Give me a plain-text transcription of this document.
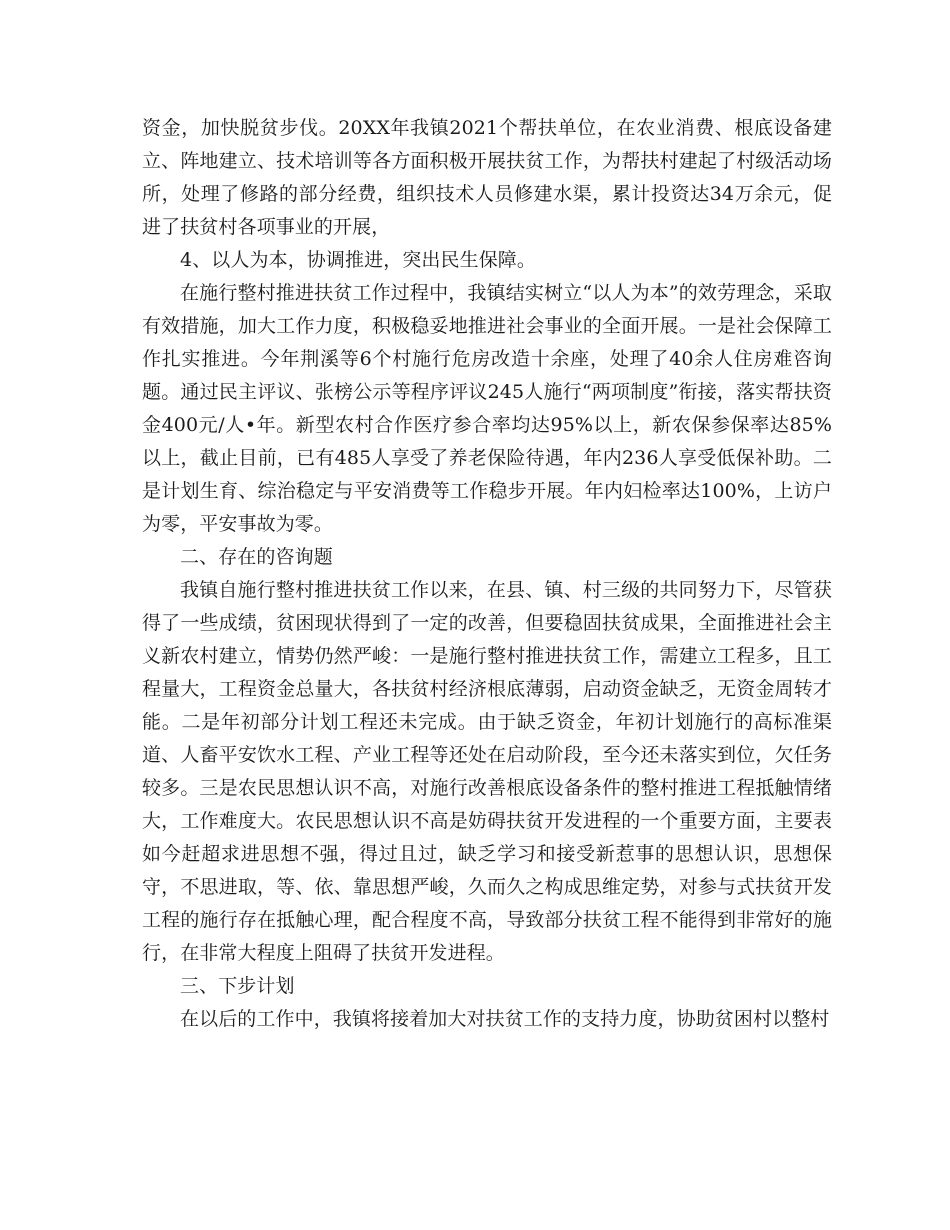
资金，加快脱贫步伐。20XX年我镇2021个帮扶单位，在农业消费、根底设备建立、阵地建立、技术培训等各方面积极开展扶贫工作，为帮扶村建起了村级活动场所，处理了修路的部分经费，组织技术人员修建水渠，累计投资达34万余元，促进了扶贫村各项事业的开展，

4、以人为本，协调推进，突出民生保障。

在施行整村推进扶贫工作过程中，我镇结实树立“以人为本”的效劳理念，采取有效措施，加大工作力度，积极稳妥地推进社会事业的全面开展。一是社会保障工作扎实推进。今年荆溪等6个村施行危房改造十余座，处理了40余人住房难咨询题。通过民主评议、张榜公示等程序评议245人施行“两项制度”衔接，落实帮扶资金400元/人•年。新型农村合作医疗参合率均达95%以上，新农保参保率达85%以上，截止目前，已有485人享受了养老保险待遇，年内236人享受低保补助。二是计划生育、综治稳定与平安消费等工作稳步开展。年内妇检率达100%，上访户为零，平安事故为零。

二、存在的咨询题

我镇自施行整村推进扶贫工作以来，在县、镇、村三级的共同努力下，尽管获得了一些成绩，贫困现状得到了一定的改善，但要稳固扶贫成果，全面推进社会主义新农村建立，情势仍然严峻：一是施行整村推进扶贫工作，需建立工程多，且工程量大，工程资金总量大，各扶贫村经济根底薄弱，启动资金缺乏，无资金周转才能。二是年初部分计划工程还未完成。由于缺乏资金，年初计划施行的高标准渠道、人畜平安饮水工程、产业工程等还处在启动阶段，至今还未落实到位，欠任务较多。三是农民思想认识不高，对施行改善根底设备条件的整村推进工程抵触情绪大，工作难度大。农民思想认识不高是妨碍扶贫开发进程的一个重要方面，主要表如今赶超求进思想不强，得过且过，缺乏学习和接受新惹事的思想认识，思想保守，不思进取，等、依、靠思想严峻，久而久之构成思维定势，对参与式扶贫开发工程的施行存在抵触心理，配合程度不高，导致部分扶贫工程不能得到非常好的施行，在非常大程度上阻碍了扶贫开发进程。

三、下步计划

在以后的工作中，我镇将接着加大对扶贫工作的支持力度，协助贫困村以整村
